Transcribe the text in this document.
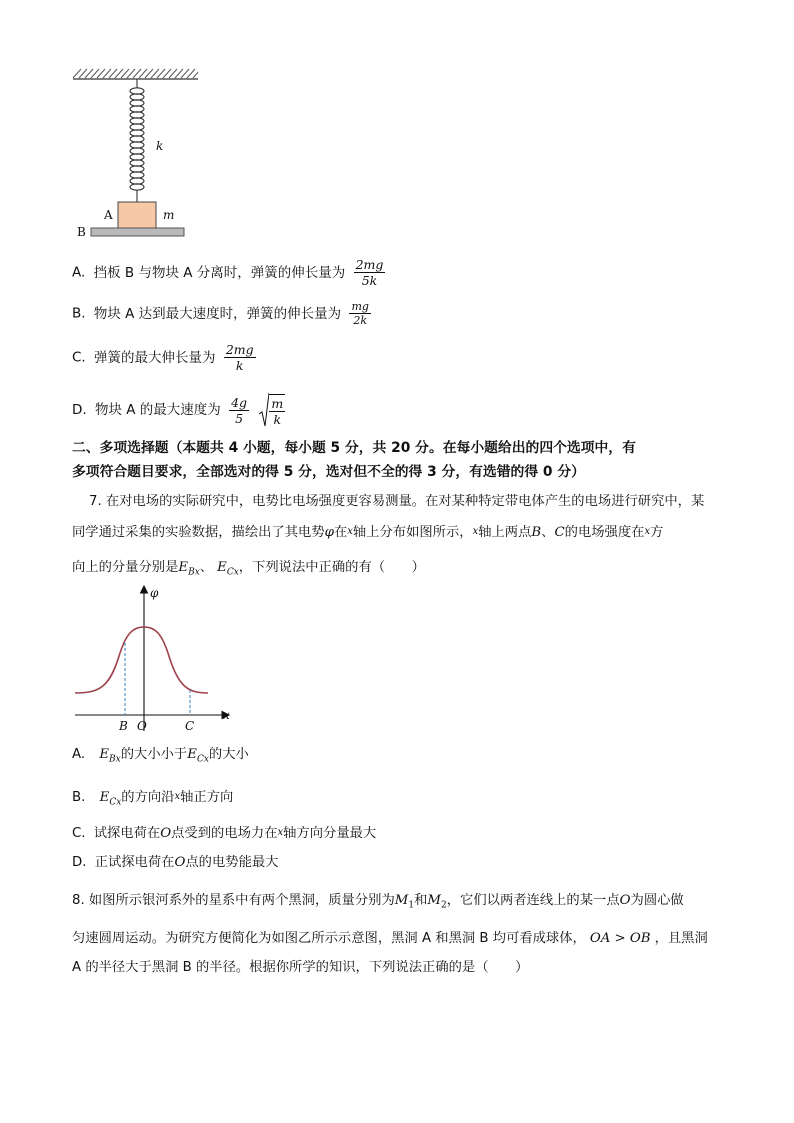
k
A	m
B
A. 挡板 B 与物块 A 分离时，弹簧的伸长量为 $\frac{2mg}{5k}$
B. 物块 A 达到最大速度时，弹簧的伸长量为 $\frac{mg}{2k}$
C. 弹簧的最大伸长量为 $\frac{2mg}{k}$
D. 物块 A 的最大速度为 $\frac{4g}{5}$
$\frac{m}{k}$
二、多项选择题（本题共 4 小题，每小题 5 分，共 20 分。在每小题给出的四个选项中，有
多项符合题目要求，全部选对的得 5 分，选对但不全的得 3 分，有选错的得 0 分）
7. 在对电场的实际研究中，电势比电场强度更容易测量。在对某种特定带电体产生的电场进行研究中，某
同学通过采集的实验数据，描绘出了其电势φ在x轴上分布如图所示，x轴上两点B、C的电场强度在x方
向上的分量分别是$E_{Bx}$、 $E_{Cx}$，下列说法中正确的有（　　）
φ
x
B O	C
A. $E_{Bx}$的大小小于$E_{Cx}$的大小
B. $E_{Cx}$的方向沿x轴正方向
C. 试探电荷在O点受到的电场力在x轴方向分量最大
D. 正试探电荷在O点的电势能最大
8. 如图所示银河系外的星系中有两个黑洞，质量分别为$M_1$和$M_2$，它们以两者连线上的某一点O为圆心做
匀速圆周运动。为研究方便简化为如图乙所示示意图，黑洞 A 和黑洞 B 均可看成球体， OA > OB ，且黑洞
A 的半径大于黑洞 B 的半径。根据你所学的知识，下列说法正确的是（　　）
